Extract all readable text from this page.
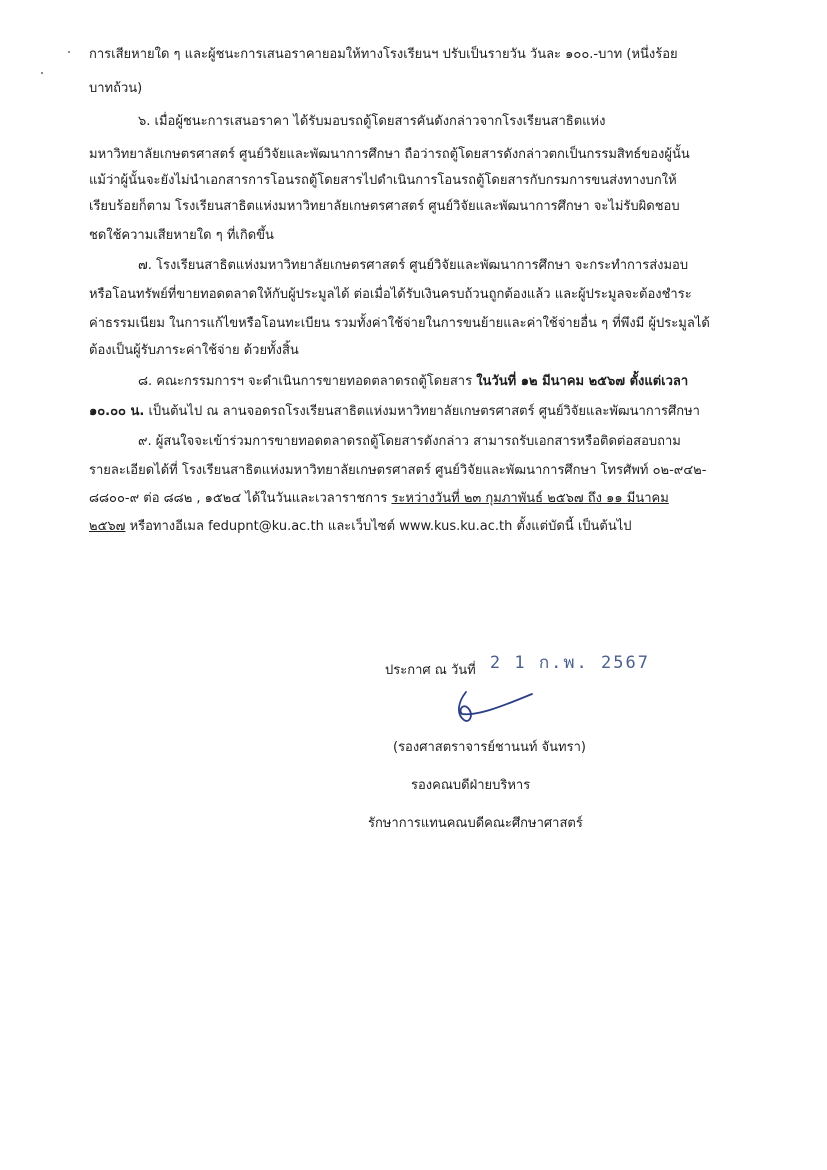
การเสียหายใด ๆ และผู้ชนะการเสนอราคายอมให้ทางโรงเรียนฯ ปรับเป็นรายวัน วันละ ๑๐๐.-บาท (หนึ่งร้อย
บาทถ้วน)
๖. เมื่อผู้ชนะการเสนอราคา ได้รับมอบรถตู้โดยสารคันดังกล่าวจากโรงเรียนสาธิตแห่ง
มหาวิทยาลัยเกษตรศาสตร์ ศูนย์วิจัยและพัฒนาการศึกษา ถือว่ารถตู้โดยสารดังกล่าวตกเป็นกรรมสิทธ์ของผู้นั้น
แม้ว่าผู้นั้นจะยังไม่นำเอกสารการโอนรถตู้โดยสารไปดำเนินการโอนรถตู้โดยสารกับกรมการขนส่งทางบกให้
เรียบร้อยก็ตาม โรงเรียนสาธิตแห่งมหาวิทยาลัยเกษตรศาสตร์ ศูนย์วิจัยและพัฒนาการศึกษา จะไม่รับผิดชอบ
ชดใช้ความเสียหายใด ๆ ที่เกิดขึ้น
๗. โรงเรียนสาธิตแห่งมหาวิทยาลัยเกษตรศาสตร์ ศูนย์วิจัยและพัฒนาการศึกษา จะกระทำการส่งมอบ
หรือโอนทรัพย์ที่ขายทอดตลาดให้กับผู้ประมูลได้ ต่อเมื่อได้รับเงินครบถ้วนถูกต้องแล้ว และผู้ประมูลจะต้องชำระ
ค่าธรรมเนียม ในการแก้ไขหรือโอนทะเบียน รวมทั้งค่าใช้จ่ายในการขนย้ายและค่าใช้จ่ายอื่น ๆ ที่พึงมี ผู้ประมูลได้
ต้องเป็นผู้รับภาระค่าใช้จ่าย ด้วยทั้งสิ้น
๘. คณะกรรมการฯ จะดำเนินการขายทอดตลาดรถตู้โดยสาร ในวันที่ ๑๒ มีนาคม ๒๕๖๗ ตั้งแต่เวลา
๑๐.๐๐ น. เป็นต้นไป ณ ลานจอดรถโรงเรียนสาธิตแห่งมหาวิทยาลัยเกษตรศาสตร์ ศูนย์วิจัยและพัฒนาการศึกษา
๙. ผู้สนใจจะเข้าร่วมการขายทอดตลาดรถตู้โดยสารดังกล่าว สามารถรับเอกสารหรือติดต่อสอบถาม
รายละเอียดได้ที่ โรงเรียนสาธิตแห่งมหาวิทยาลัยเกษตรศาสตร์ ศูนย์วิจัยและพัฒนาการศึกษา โทรศัพท์ ๐๒-๙๔๒-
๘๘๐๐-๙ ต่อ ๘๘๒ , ๑๕๒๔ ได้ในวันและเวลาราชการ ระหว่างวันที่ ๒๓ กุมภาพันธ์ ๒๕๖๗ ถึง ๑๑ มีนาคม
๒๕๖๗ หรือทางอีเมล fedupnt@ku.ac.th และเว็บไซต์ www.kus.ku.ac.th ตั้งแต่บัดนี้ เป็นต้นไป
ประกาศ ณ วันที่ 2 1 ก.พ. 2567
(รองศาสตราจารย์ชานนท์ จันทรา)
รองคณบดีฝ่ายบริหาร
รักษาการแทนคณบดีคณะศึกษาศาสตร์
